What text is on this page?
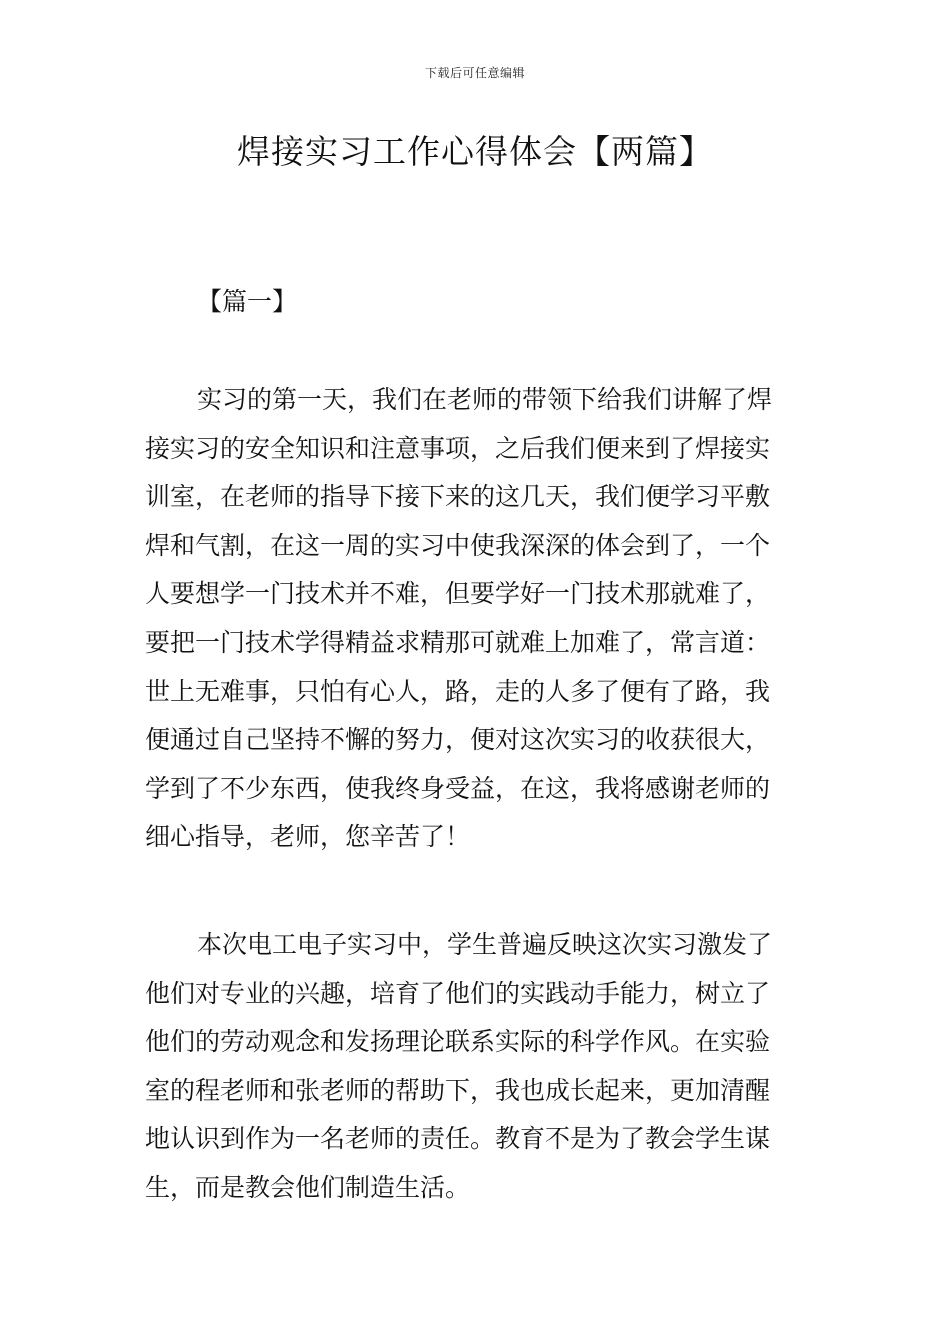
下载后可任意编辑
焊接实习工作心得体会【两篇】
【篇一】
实习的第一天，我们在老师的带领下给我们讲解了焊
接实习的安全知识和注意事项，之后我们便来到了焊接实
训室，在老师的指导下接下来的这几天，我们便学习平敷
焊和气割，在这一周的实习中使我深深的体会到了，一个
人要想学一门技术并不难，但要学好一门技术那就难了，
要把一门技术学得精益求精那可就难上加难了，常言道：
世上无难事，只怕有心人，路，走的人多了便有了路，我
便通过自己坚持不懈的努力，便对这次实习的收获很大，
学到了不少东西，使我终身受益，在这，我将感谢老师的
细心指导，老师，您辛苦了！
本次电工电子实习中，学生普遍反映这次实习激发了
他们对专业的兴趣，培育了他们的实践动手能力，树立了
他们的劳动观念和发扬理论联系实际的科学作风。在实验
室的程老师和张老师的帮助下，我也成长起来，更加清醒
地认识到作为一名老师的责任。教育不是为了教会学生谋
生，而是教会他们制造生活。
